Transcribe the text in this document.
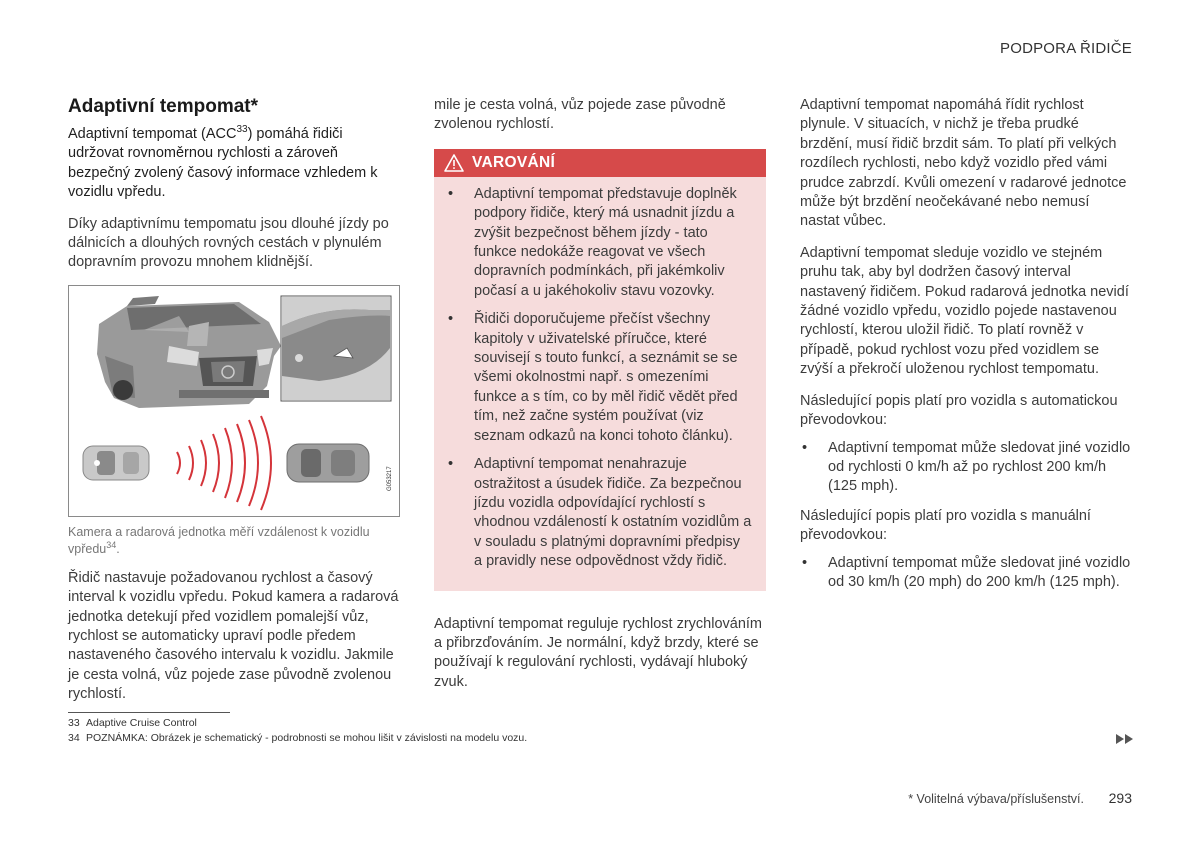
PODPORA ŘIDIČE
Adaptivní tempomat*

Adaptivní tempomat (ACC$^{33}$) pomáhá řidiči udržovat rovnoměrnou rychlosti a zároveň bezpečný zvolený časový informace vzhledem k vozidlu vpředu.

Díky adaptivnímu tempomatu jsou dlouhé jízdy po dálnicích a dlouhých rovných cestách v plynulém dopravním provozu mnohem klidnější.

G053217

Kamera a radarová jednotka měří vzdálenost k vozidlu vpředu$^{34}$.

Řidič nastavuje požadovanou rychlost a časový interval k vozidlu vpředu. Pokud kamera a radarová jednotka detekují před vozidlem pomalejší vůz, rychlost se automaticky upraví podle předem nastaveného časového intervalu k vozidlu. Jakmile je cesta volná, vůz pojede zase původně zvolenou rychlostí.

mile je cesta volná, vůz pojede zase původně zvolenou rychlostí.

VAROVÁNÍ
• Adaptivní tempomat představuje doplněk podpory řidiče, který má usnadnit jízdu a zvýšit bezpečnost během jízdy - tato funkce nedokáže reagovat ve všech dopravních podmínkách, při jakémkoliv počasí a u jakéhokoliv stavu vozovky.
• Řidiči doporučujeme přečíst všechny kapitoly v uživatelské příručce, které souvisejí s touto funkcí, a seznámit se se všemi okolnostmi např. s omezeními funkce a s tím, co by měl řidič vědět před tím, než začne systém používat (viz seznam odkazů na konci tohoto článku).
• Adaptivní tempomat nenahrazuje ostražitost a úsudek řidiče. Za bezpečnou jízdu vozidla odpovídající rychlostí s vhodnou vzdáleností k ostatním vozidlům a v souladu s platnými dopravními předpisy a pravidly nese odpovědnost vždy řidič.

Adaptivní tempomat reguluje rychlost zrychlováním a přibrzďováním. Je normální, když brzdy, které se používají k regulování rychlosti, vydávají hluboký zvuk.

Adaptivní tempomat napomáhá řídit rychlost plynule. V situacích, v nichž je třeba prudké brzdění, musí řidič brzdit sám. To platí při velkých rozdílech rychlosti, nebo když vozidlo před vámi prudce zabrzdí. Kvůli omezení v radarové jednotce může být brzdění neočekávané nebo nemusí nastat vůbec.

Adaptivní tempomat sleduje vozidlo ve stejném pruhu tak, aby byl dodržen časový interval nastavený řidičem. Pokud radarová jednotka nevidí žádné vozidlo vpředu, vozidlo pojede nastavenou rychlostí, kterou uložil řidič. To platí rovněž v případě, pokud rychlost vozu před vozidlem se zvýší a překročí uloženou rychlost tempomatu.

Následující popis platí pro vozidla s automatickou převodovkou:

• Adaptivní tempomat může sledovat jiné vozidlo od rychlosti 0 km/h až po rychlost 200 km/h (125 mph).

Následující popis platí pro vozidla s manuální převodovkou:

• Adaptivní tempomat může sledovat jiné vozidlo od 30 km/h (20 mph) do 200 km/h (125 mph).
33 Adaptive Cruise Control
34 POZNÁMKA: Obrázek je schematický - podrobnosti se mohou lišit v závislosti na modelu vozu.
* Volitelná výbava/příslušenství. 293
